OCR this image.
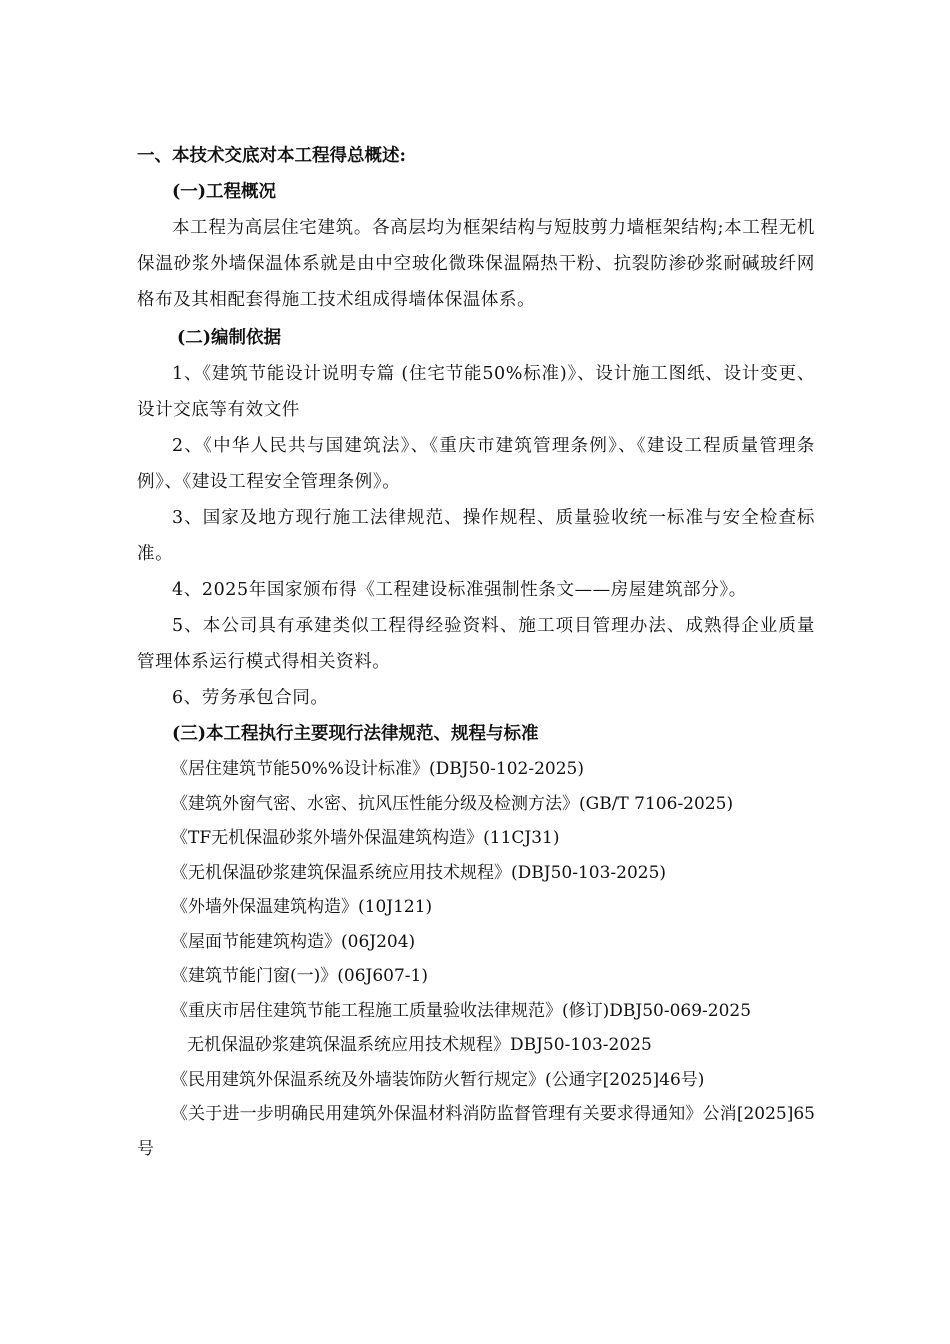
一、本技术交底对本工程得总概述:
(一)工程概况
本工程为高层住宅建筑。各高层均为框架结构与短肢剪力墙框架结构;本工程无机保温砂浆外墙保温体系就是由中空玻化微珠保温隔热干粉、抗裂防渗砂浆耐碱玻纤网格布及其相配套得施工技术组成得墙体保温体系。
(二)编制依据
1、《建筑节能设计说明专篇 (住宅节能50%标准)》、设计施工图纸、设计变更、设计交底等有效文件
2、《中华人民共与国建筑法》、《重庆市建筑管理条例》、《建设工程质量管理条例》、《建设工程安全管理条例》。
3、国家及地方现行施工法律规范、操作规程、质量验收统一标准与安全检查标准。
4、2025年国家颁布得《工程建设标准强制性条文——房屋建筑部分》。
5、本公司具有承建类似工程得经验资料、施工项目管理办法、成熟得企业质量管理体系运行模式得相关资料。
6、劳务承包合同。
(三)本工程执行主要现行法律规范、规程与标准
《居住建筑节能50%%设计标准》(DBJ50-102-2025)
《建筑外窗气密、水密、抗风压性能分级及检测方法》(GB/T 7106-2025)
《TF无机保温砂浆外墙外保温建筑构造》(11CJ31)
《无机保温砂浆建筑保温系统应用技术规程》(DBJ50-103-2025)
《外墙外保温建筑构造》(10J121)
《屋面节能建筑构造》(06J204)
《建筑节能门窗(一)》(06J607-1)
《重庆市居住建筑节能工程施工质量验收法律规范》(修订)DBJ50-069-2025
无机保温砂浆建筑保温系统应用技术规程》DBJ50-103-2025
《民用建筑外保温系统及外墙装饰防火暂行规定》(公通字[2025]46号)
《关于进一步明确民用建筑外保温材料消防监督管理有关要求得通知》公消[2025]65号
